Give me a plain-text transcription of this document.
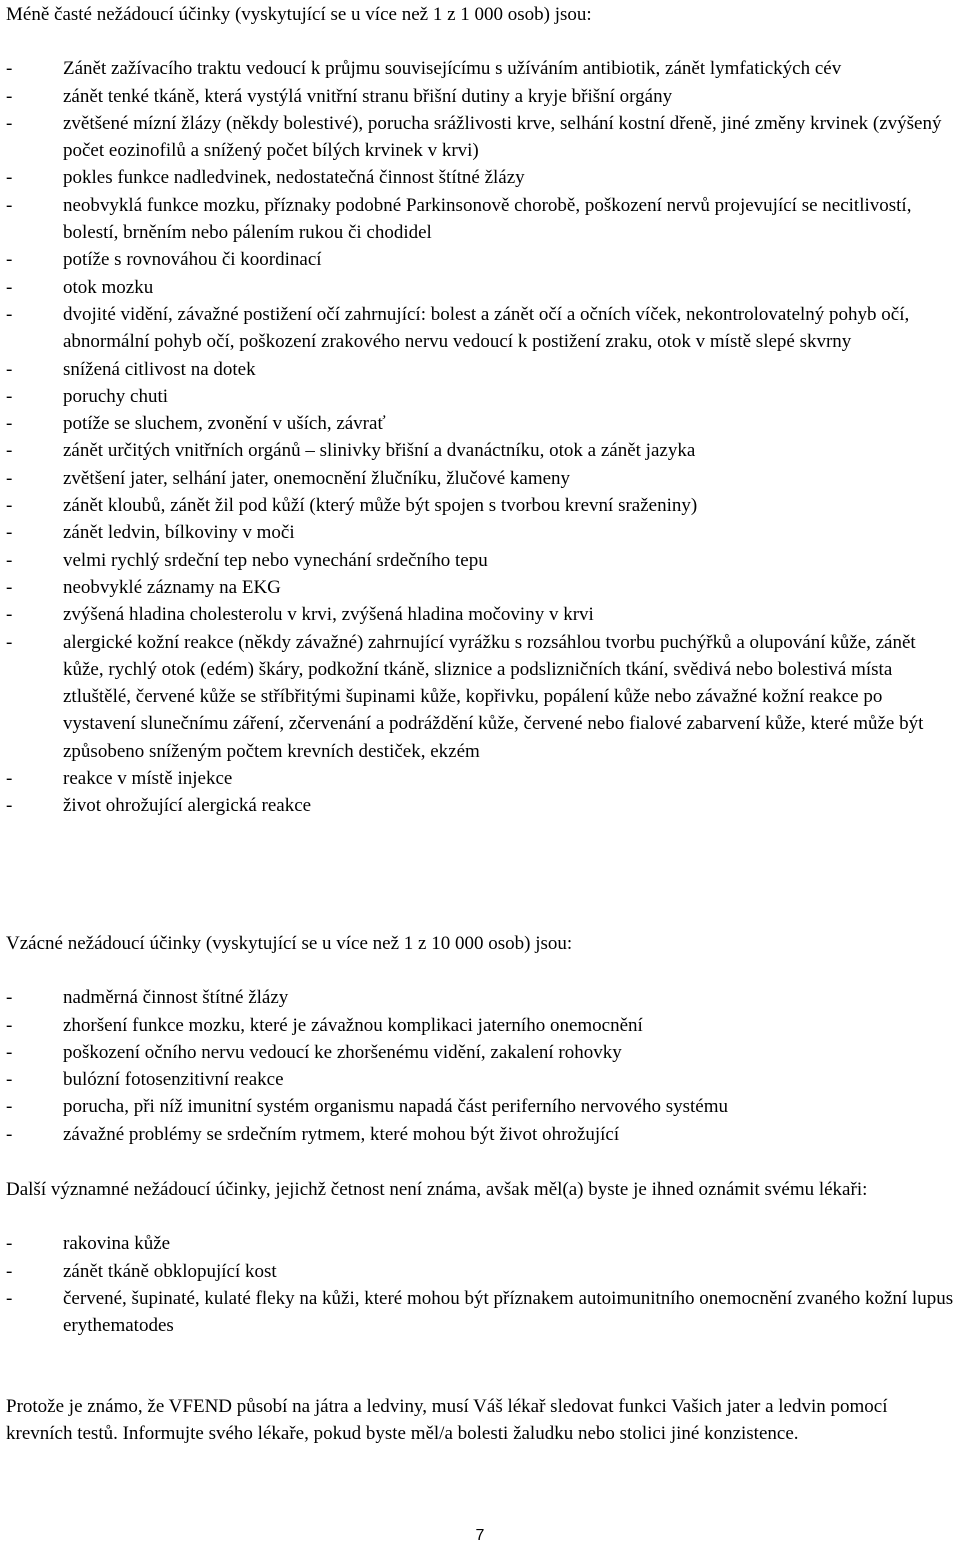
Méně časté nežádoucí účinky (vyskytující se u více než 1 z 1 000 osob) jsou:

-	Zánět zažívacího traktu vedoucí k průjmu souvisejícímu s užíváním antibiotik, zánět lymfatických cév
-	zánět tenké tkáně, která vystýlá vnitřní stranu břišní dutiny a kryje břišní orgány
-	zvětšené mízní žlázy (někdy bolestivé), porucha srážlivosti krve, selhání kostní dřeně, jiné změny krvinek (zvýšený počet eozinofilů a snížený počet bílých krvinek v krvi)
-	pokles funkce nadledvinek, nedostatečná činnost štítné žlázy
-	neobvyklá funkce mozku, příznaky podobné Parkinsonově chorobě, poškození nervů projevující se necitlivostí, bolestí, brněním nebo pálením rukou či chodidel
-	potíže s rovnováhou či koordinací
-	otok mozku
-	dvojité vidění, závažné postižení očí zahrnující: bolest a zánět očí a očních víček, nekontrolovatelný pohyb očí, abnormální pohyb očí, poškození zrakového nervu vedoucí k postižení zraku, otok v místě slepé skvrny
-	snížená citlivost na dotek
-	poruchy chuti
-	potíže se sluchem, zvonění v uších, závrať
-	zánět určitých vnitřních orgánů – slinivky břišní a dvanáctníku, otok a zánět jazyka
-	zvětšení jater, selhání jater, onemocnění žlučníku, žlučové kameny
-	zánět kloubů, zánět žil pod kůží (který může být spojen s tvorbou krevní sraženiny)
-	zánět ledvin, bílkoviny v moči
-	velmi rychlý srdeční tep nebo vynechání srdečního tepu
-	neobvyklé záznamy na EKG
-	zvýšená hladina cholesterolu v krvi, zvýšená hladina močoviny v krvi
-	alergické kožní reakce (někdy závažné) zahrnující vyrážku s rozsáhlou tvorbu puchýřků a olupování kůže, zánět kůže, rychlý otok (edém) škáry, podkožní tkáně, sliznice a podslizničních tkání, svědivá nebo bolestivá místa ztluštělé, červené kůže se stříbřitými šupinami kůže, kopřivku, popálení kůže nebo závažné kožní reakce po vystavení slunečnímu záření, zčervenání a podráždění kůže, červené nebo fialové zabarvení kůže, které může být způsobeno sníženým počtem krevních destiček, ekzém
-	reakce v místě injekce
-	život ohrožující alergická reakce

Vzácné nežádoucí účinky (vyskytující se u více než 1 z 10 000 osob) jsou:

-	nadměrná činnost štítné žlázy
-	zhoršení funkce mozku, které je závažnou komplikaci jaterního onemocnění
-	poškození očního nervu vedoucí ke zhoršenému vidění, zakalení rohovky
-	bulózní fotosenzitivní reakce
-	porucha, při níž imunitní systém organismu napadá část periferního nervového systému
-	závažné problémy se srdečním rytmem, které mohou být život ohrožující

Další významné nežádoucí účinky, jejichž četnost není známa, avšak měl(a) byste je ihned oznámit svému lékaři:

-	rakovina kůže
-	zánět tkáně obklopující kost
-	červené, šupinaté, kulaté fleky na kůži, které mohou být příznakem autoimunitního onemocnění zvaného kožní lupus erythematodes

Protože je známo, že VFEND působí na játra a ledviny, musí Váš lékař sledovat funkci Vašich jater a ledvin pomocí krevních testů. Informujte svého lékaře, pokud byste měl/a bolesti žaludku nebo stolici jiné konzistence.

7
